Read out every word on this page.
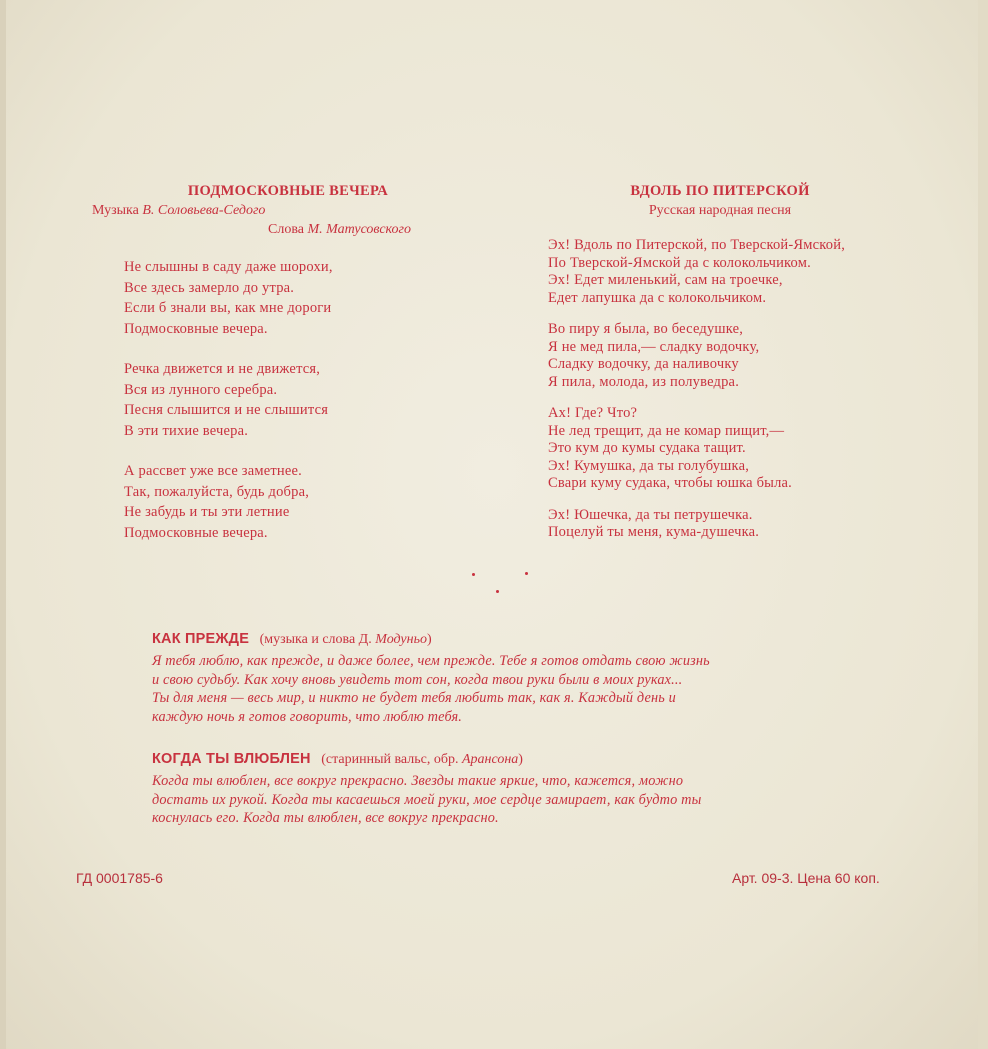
ПОДМОСКОВНЫЕ ВЕЧЕРА
Музыка В. Соловьева-Седого
Слова М. Матусовского
Не слышны в саду даже шорохи,
Все здесь замерло до утра.
Если б знали вы, как мне дороги
Подмосковные вечера.
Речка движется и не движется,
Вся из лунного серебра.
Песня слышится и не слышится
В эти тихие вечера.
А рассвет уже все заметнее.
Так, пожалуйста, будь добра,
Не забудь и ты эти летние
Подмосковные вечера.
ВДОЛЬ ПО ПИТЕРСКОЙ
Русская народная песня
Эх! Вдоль по Питерской, по Тверской-Ямской,
По Тверской-Ямской да с колокольчиком.
Эх! Едет миленький, сам на троечке,
Едет лапушка да с колокольчиком.
Во пиру я была, во беседушке,
Я не мед пила,— сладку водочку,
Сладку водочку, да наливочку
Я пила, молода, из полуведра.
Ах! Где? Что?
Не лед трещит, да не комар пищит,—
Это кум до кумы судака тащит.
Эх! Кумушка, да ты голубушка,
Свари куму судака, чтобы юшка была.
Эх! Юшечка, да ты петрушечка.
Поцелуй ты меня, кума-душечка.
КАК ПРЕЖДЕ (музыка и слова Д. Модуньо)
Я тебя люблю, как прежде, и даже более, чем прежде. Тебе я готов отдать свою жизнь
и свою судьбу. Как хочу вновь увидеть тот сон, когда твои руки были в моих руках...
Ты для меня — весь мир, и никто не будет тебя любить так, как я. Каждый день и
каждую ночь я готов говорить, что люблю тебя.
КОГДА ТЫ ВЛЮБЛЕН (старинный вальс, обр. Арансона)
Когда ты влюблен, все вокруг прекрасно. Звезды такие яркие, что, кажется, можно
достать их рукой. Когда ты касаешься моей руки, мое сердце замирает, как будто ты
коснулась его. Когда ты влюблен, все вокруг прекрасно.
ГД 0001785-6	Арт. 09-3. Цена 60 коп.
